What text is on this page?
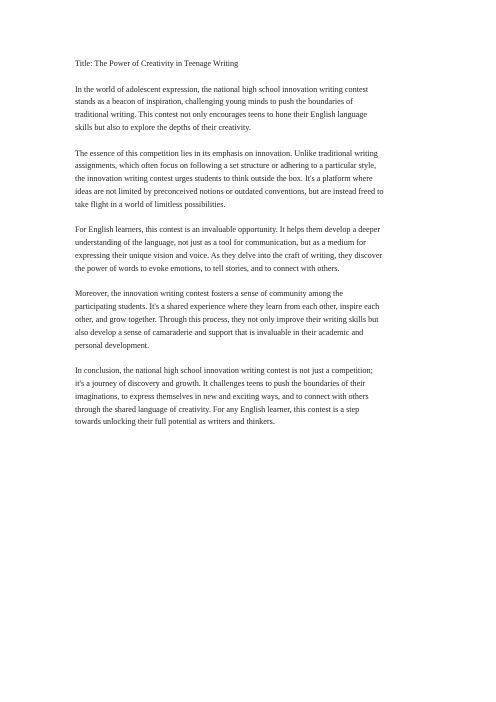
Title: The Power of Creativity in Teenage Writing
In the world of adolescent expression, the national high school innovation writing contest
stands as a beacon of inspiration, challenging young minds to push the boundaries of
traditional writing. This contest not only encourages teens to hone their English language
skills but also to explore the depths of their creativity.
The essence of this competition lies in its emphasis on innovation. Unlike traditional writing
assignments, which often focus on following a set structure or adhering to a particular style,
the innovation writing contest urges students to think outside the box. It's a platform where
ideas are not limited by preconceived notions or outdated conventions, but are instead freed to
take flight in a world of limitless possibilities.
For English learners, this contest is an invaluable opportunity. It helps them develop a deeper
understanding of the language, not just as a tool for communication, but as a medium for
expressing their unique vision and voice. As they delve into the craft of writing, they discover
the power of words to evoke emotions, to tell stories, and to connect with others.
Moreover, the innovation writing contest fosters a sense of community among the
participating students. It's a shared experience where they learn from each other, inspire each
other, and grow together. Through this process, they not only improve their writing skills but
also develop a sense of camaraderie and support that is invaluable in their academic and
personal development.
In conclusion, the national high school innovation writing contest is not just a competition;
it's a journey of discovery and growth. It challenges teens to push the boundaries of their
imaginations, to express themselves in new and exciting ways, and to connect with others
through the shared language of creativity. For any English learner, this contest is a step
towards unlocking their full potential as writers and thinkers.
